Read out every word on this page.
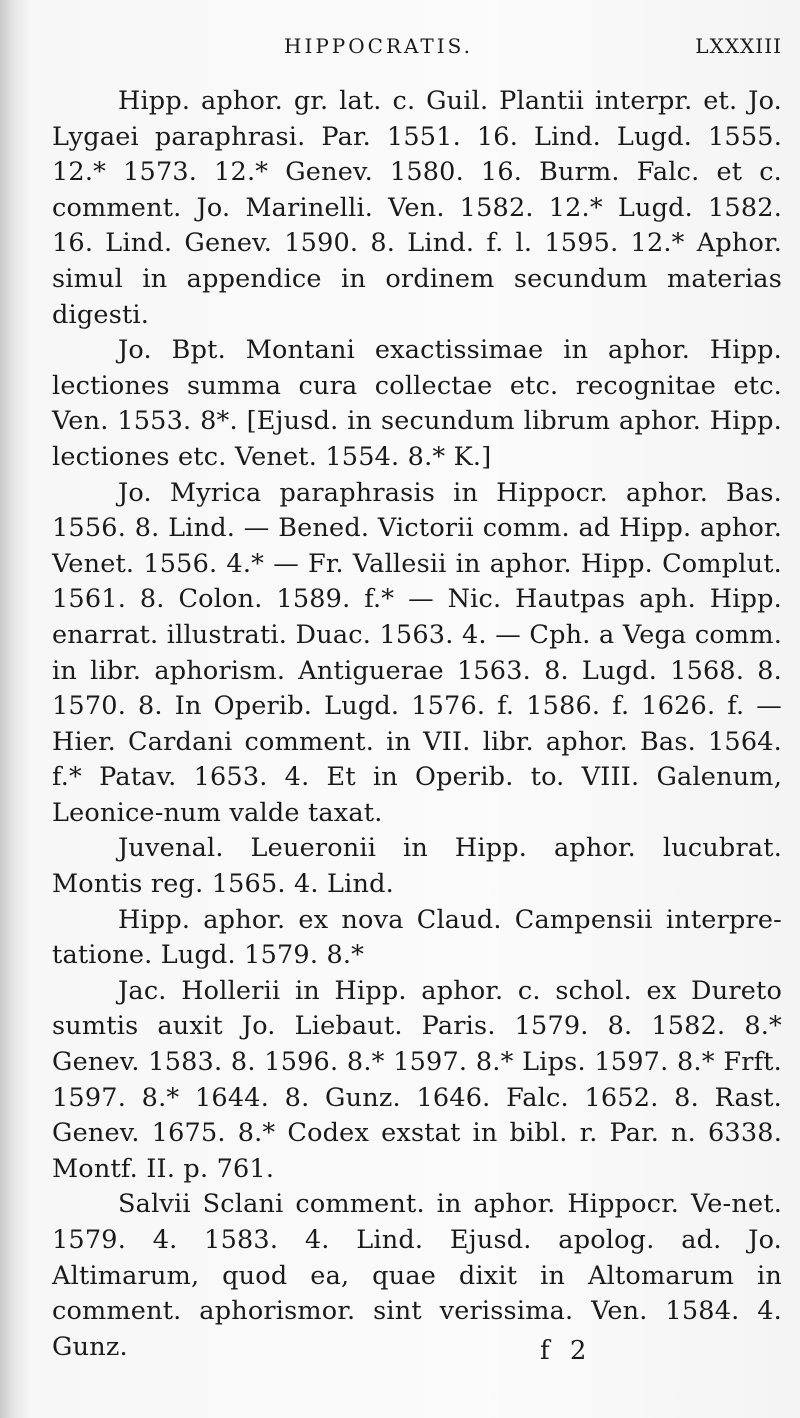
HIPPOCRATIS.	LXXXIII

Hipp. aphor. gr. lat. c. Guil. Plantii interpr. et. Jo. Lygaei paraphrasi. Par. 1551. 16. Lind. Lugd. 1555. 12.* 1573. 12.* Genev. 1580. 16. Burm. Falc. et c. comment. Jo. Marinelli. Ven. 1582. 12.* Lugd. 1582. 16. Lind. Genev. 1590. 8. Lind. f. l. 1595. 12.* Aphor. simul in appendice in ordinem secundum materias digesti.

Jo. Bpt. Montani exactissimae in aphor. Hipp. lectiones summa cura collectae etc. recognitae etc. Ven. 1553. 8*. [Ejusd. in secundum librum aphor. Hipp. lectiones etc. Venet. 1554. 8.* K.]

Jo. Myrica paraphrasis in Hippocr. aphor. Bas. 1556. 8. Lind. — Bened. Victorii comm. ad Hipp. aphor. Venet. 1556. 4.* — Fr. Vallesii in aphor. Hipp. Complut. 1561. 8. Colon. 1589. f.* — Nic. Hautpas aph. Hipp. enarrat. illustrati. Duac. 1563. 4. — Cph. a Vega comm. in libr. aphorism. Antiguerae 1563. 8. Lugd. 1568. 8. 1570. 8. In Operib. Lugd. 1576. f. 1586. f. 1626. f. — Hier. Cardani comment. in VII. libr. aphor. Bas. 1564. f.* Patav. 1653. 4. Et in Operib. to. VIII. Galenum, Leonice-num valde taxat.

Juvenal. Leueronii in Hipp. aphor. lucubrat. Montis reg. 1565. 4. Lind.

Hipp. aphor. ex nova Claud. Campensii interpre-tatione. Lugd. 1579. 8.*

Jac. Hollerii in Hipp. aphor. c. schol. ex Dureto sumtis auxit Jo. Liebaut. Paris. 1579. 8. 1582. 8.* Genev. 1583. 8. 1596. 8.* 1597. 8.* Lips. 1597. 8.* Frft. 1597. 8.* 1644. 8. Gunz. 1646. Falc. 1652. 8. Rast. Genev. 1675. 8.* Codex exstat in bibl. r. Par. n. 6338. Montf. II. p. 761.

Salvii Sclani comment. in aphor. Hippocr. Ve-net. 1579. 4. 1583. 4. Lind. Ejusd. apolog. ad. Jo. Altimarum, quod ea, quae dixit in Altomarum in comment. aphorismor. sint verissima. Ven. 1584. 4. Gunz.	f 2
